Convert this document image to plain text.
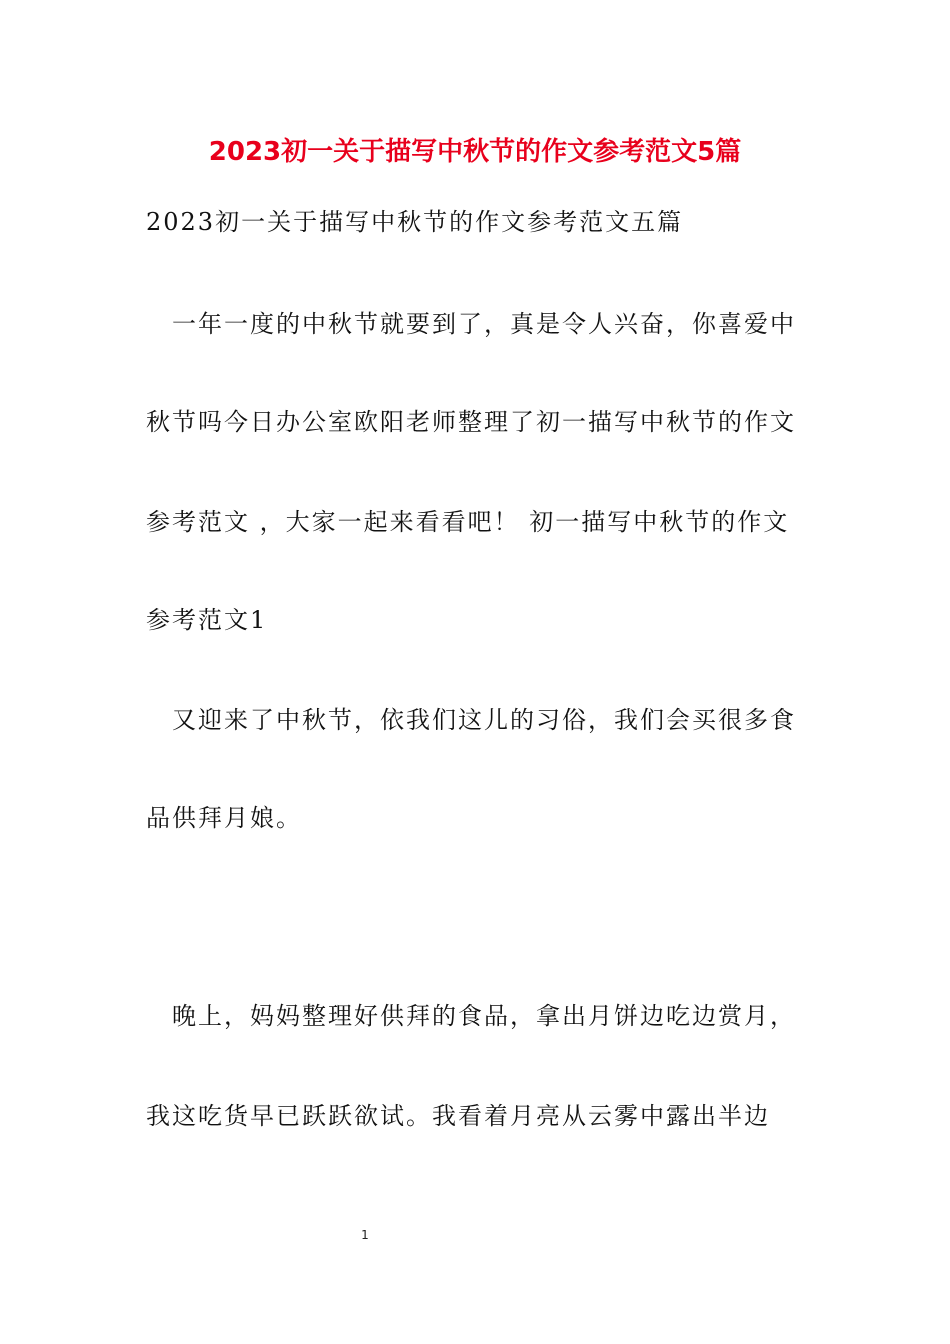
2023初一关于描写中秋节的作文参考范文5篇
2023初一关于描写中秋节的作文参考范文五篇
　一年一度的中秋节就要到了，真是令人兴奋，你喜爱中
秋节吗今日办公室欧阳老师整理了初一描写中秋节的作文
参考范文 ，大家一起来看看吧！ 初一描写中秋节的作文
参考范文1
　又迎来了中秋节，依我们这儿的习俗，我们会买很多食
品供拜月娘。
　晚上，妈妈整理好供拜的食品，拿出月饼边吃边赏月，
我这吃货早已跃跃欲试。我看着月亮从云雾中露出半边
1
